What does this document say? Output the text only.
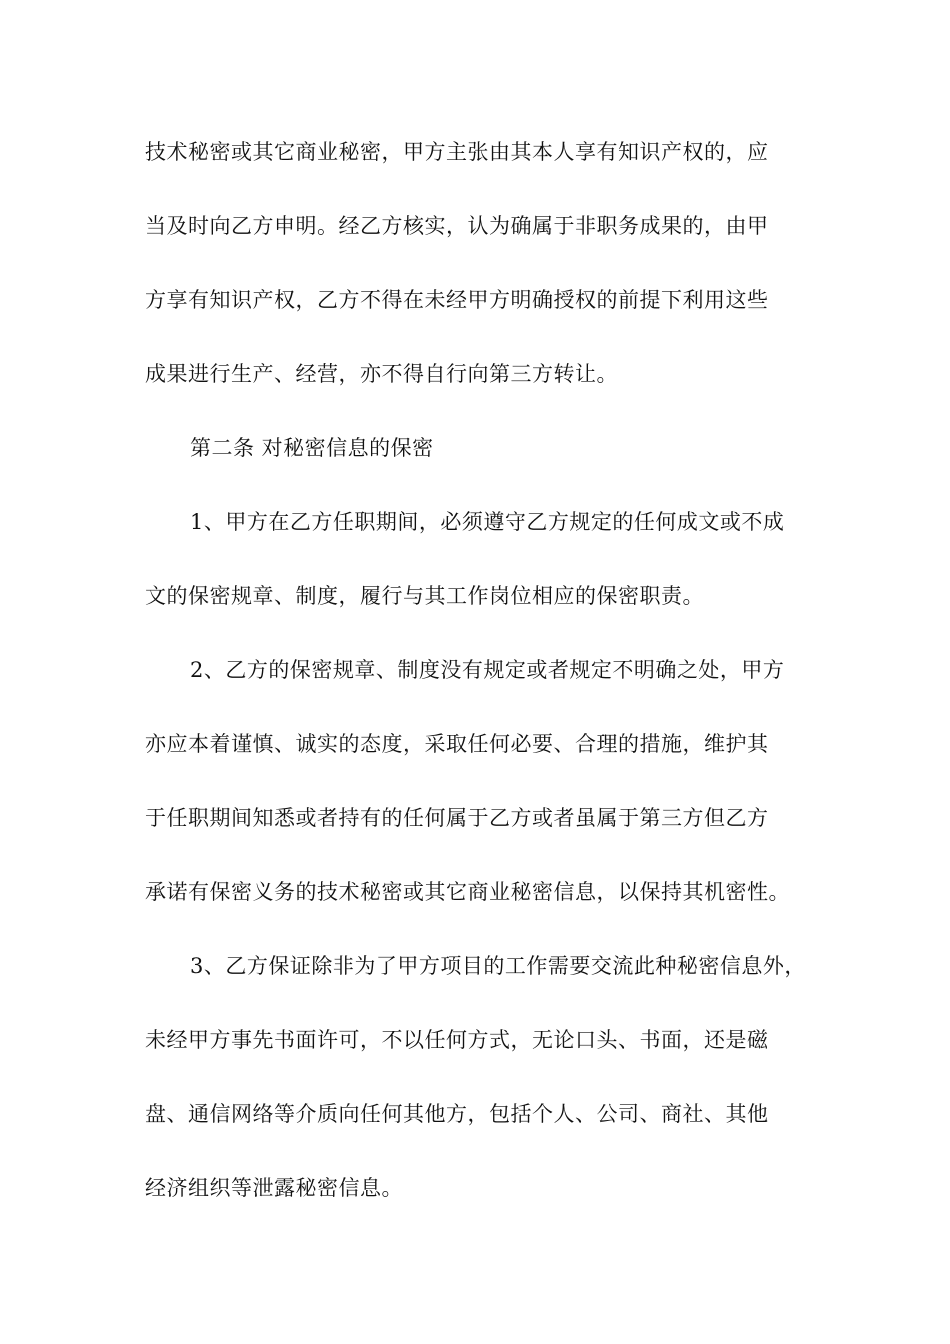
技术秘密或其它商业秘密，甲方主张由其本人享有知识产权的，应
当及时向乙方申明。经乙方核实，认为确属于非职务成果的，由甲
方享有知识产权，乙方不得在未经甲方明确授权的前提下利用这些
成果进行生产、经营，亦不得自行向第三方转让。
第二条 对秘密信息的保密
1、甲方在乙方任职期间，必须遵守乙方规定的任何成文或不成
文的保密规章、制度，履行与其工作岗位相应的保密职责。
2、乙方的保密规章、制度没有规定或者规定不明确之处，甲方
亦应本着谨慎、诚实的态度，采取任何必要、合理的措施，维护其
于任职期间知悉或者持有的任何属于乙方或者虽属于第三方但乙方
承诺有保密义务的技术秘密或其它商业秘密信息，以保持其机密性。
3、乙方保证除非为了甲方项目的工作需要交流此种秘密信息外，
未经甲方事先书面许可，不以任何方式，无论口头、书面，还是磁
盘、通信网络等介质向任何其他方，包括个人、公司、商社、其他
经济组织等泄露秘密信息。
